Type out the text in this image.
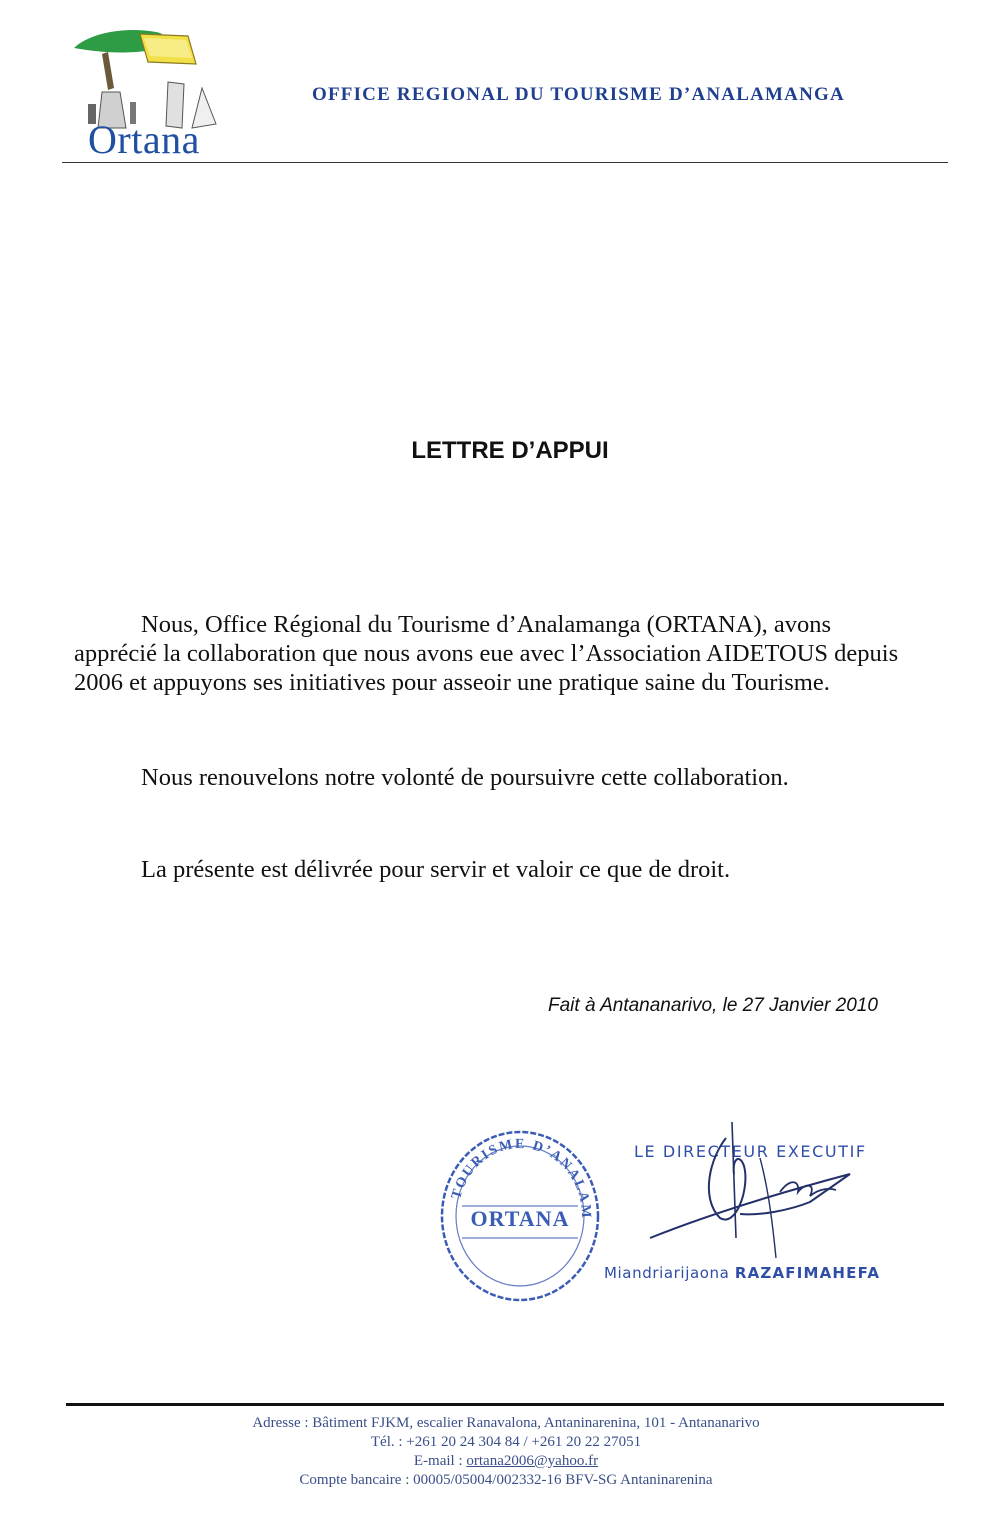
Ortana
OFFICE REGIONAL DU TOURISME D’ANALAMANGA
LETTRE D’APPUI
Nous, Office Régional du Tourisme d’Analamanga (ORTANA), avons apprécié la collaboration que nous avons eue avec l’Association AIDETOUS depuis 2006 et appuyons ses initiatives pour asseoir une pratique saine du Tourisme.
Nous renouvelons notre volonté de poursuivre cette collaboration.
La présente est délivrée pour servir et valoir ce que de droit.
Fait à Antananarivo, le 27 Janvier 2010
TOURISME D’ANALAM
ORTANA
LE DIRECTEUR EXECUTIF
Miandriarijaona RAZAFIMAHEFA
Adresse : Bâtiment FJKM, escalier Ranavalona, Antaninarenina, 101 - Antananarivo
Tél. : +261 20 24 304 84 / +261 20 22 27051
E-mail : ortana2006@yahoo.fr
Compte bancaire : 00005/05004/002332-16 BFV-SG Antaninarenina
